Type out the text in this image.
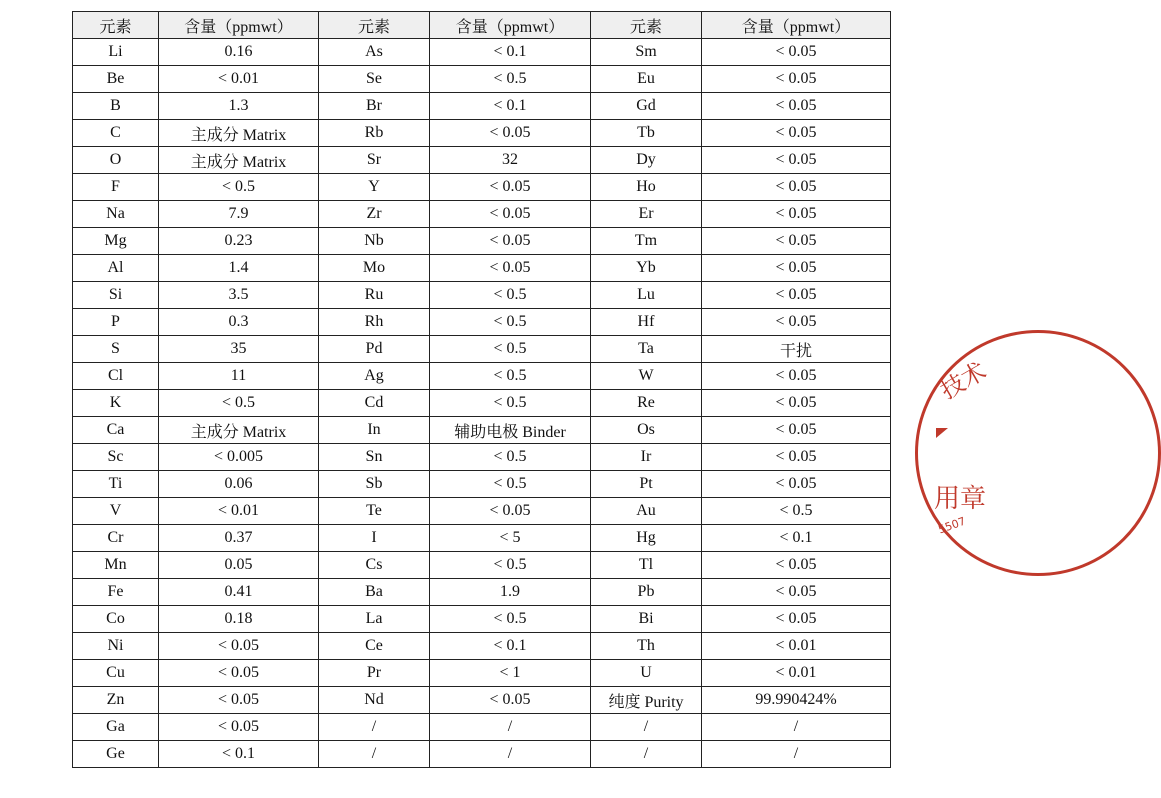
元素	含量（ppmwt）	元素	含量（ppmwt）	元素	含量（ppmwt）
Li	0.16	As	< 0.1	Sm	< 0.05
Be	< 0.01	Se	< 0.5	Eu	< 0.05
B	1.3	Br	< 0.1	Gd	< 0.05
C	主成分 Matrix	Rb	< 0.05	Tb	< 0.05
O	主成分 Matrix	Sr	32	Dy	< 0.05
F	< 0.5	Y	< 0.05	Ho	< 0.05
Na	7.9	Zr	< 0.05	Er	< 0.05
Mg	0.23	Nb	< 0.05	Tm	< 0.05
Al	1.4	Mo	< 0.05	Yb	< 0.05
Si	3.5	Ru	< 0.5	Lu	< 0.05
P	0.3	Rh	< 0.5	Hf	< 0.05
S	35	Pd	< 0.5	Ta	干扰
Cl	11	Ag	< 0.5	W	< 0.05
K	< 0.5	Cd	< 0.5	Re	< 0.05
Ca	主成分 Matrix	In	辅助电极 Binder	Os	< 0.05
Sc	< 0.005	Sn	< 0.5	Ir	< 0.05
Ti	0.06	Sb	< 0.5	Pt	< 0.05
V	< 0.01	Te	< 0.05	Au	< 0.5
Cr	0.37	I	< 5	Hg	< 0.1
Mn	0.05	Cs	< 0.5	Tl	< 0.05
Fe	0.41	Ba	1.9	Pb	< 0.05
Co	0.18	La	< 0.5	Bi	< 0.05
Ni	< 0.05	Ce	< 0.1	Th	< 0.01
Cu	< 0.05	Pr	< 1	U	< 0.01
Zn	< 0.05	Nd	< 0.05	纯度 Purity	99.990424%
Ga	< 0.05	/	/	/	/
Ge	< 0.1	/	/	/	/
技术
用章
5507
